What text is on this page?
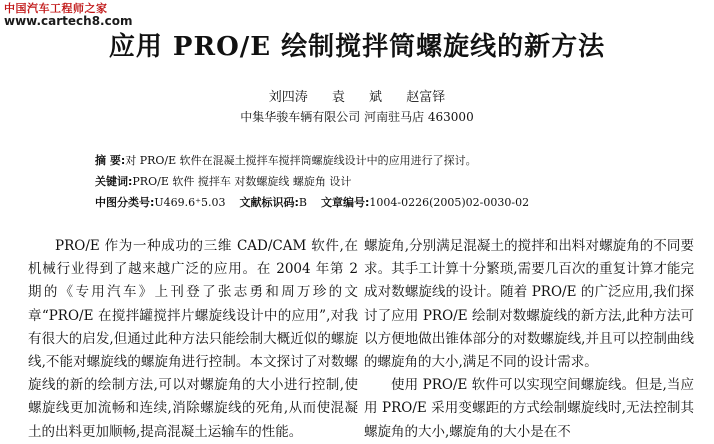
中国汽车工程师之家
www.cartech8.com
应用 PRO/E 绘制搅拌筒螺旋线的新方法
刘四涛 袁 斌 赵富铎
中集华骏车辆有限公司 河南驻马店 463000
摘 要:对 PRO/E 软件在混凝土搅拌车搅拌筒螺旋线设计中的应用进行了探讨。
关键词:PRO/E 软件 搅拌车 对数螺旋线 螺旋角 设计
中图分类号:U469.6⁺5.03 文献标识码:B 文章编号:1004-0226(2005)02-0030-02

PRO/E 作为一种成功的三维 CAD/CAM 软件,在机械行业得到了越来越广泛的应用。在 2004 年第 2 期的《专用汽车》上刊登了张志勇和周万珍的文章“PRO/E 在搅拌罐搅拌片螺旋线设计中的应用”,对我有很大的启发,但通过此种方法只能绘制大概近似的螺旋线,不能对螺旋线的螺旋角进行控制。本文探讨了对数螺旋线的新的绘制方法,可以对螺旋角的大小进行控制,使螺旋线更加流畅和连续,消除螺旋线的死角,从而使混凝土的出料更加顺畅,提高混凝土运输车的性能。

螺旋角,分别满足混凝土的搅拌和出料对螺旋角的不同要求。其手工计算十分繁琐,需要几百次的重复计算才能完成对数螺旋线的设计。随着 PRO/E 的广泛应用,我们探讨了应用 PRO/E 绘制对数螺旋线的新方法,此种方法可以方便地做出锥体部分的对数螺旋线,并且可以控制曲线的螺旋角的大小,满足不同的设计需求。

使用 PRO/E 软件可以实现空间螺旋线。但是,当应用 PRO/E 采用变螺距的方式绘制螺旋线时,无法控制其螺旋角的大小,螺旋角的大小是在不
